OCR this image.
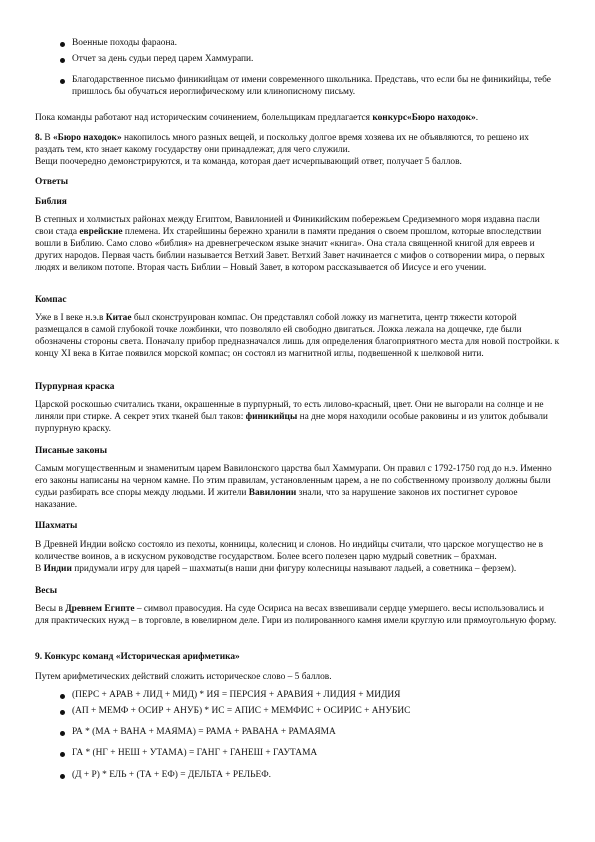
Военные походы фараона.

Отчет за день судьи перед царем Хаммурапи.

Благодарственное письмо финикийцам от имени современного школьника. Представь, что если бы не финикийцы, тебе пришлось бы обучаться иероглифическому или клинописному письму.

Пока команды работают над историческим сочинением, болельщикам предлагается конкурс«Бюро находок».

8. В «Бюро находок» накопилось много разных вещей, и поскольку долгое время хозяева их не объявляются, то решено их раздать тем, кто знает какому государству они принадлежат, для чего служили.
Вещи поочередно демонстрируются, и та команда, которая дает исчерпывающий ответ, получает 5 баллов.

Ответы

Библия

В степных и холмистых районах между Египтом, Вавилонией и Финикийским побережьем Средиземного моря издавна пасли свои стада еврейские племена. Их старейшины бережно хранили в памяти предания о своем прошлом, которые впоследствии вошли в Библию. Само слово «библия» на древнегреческом языке значит «книга». Она стала священной книгой для евреев и других народов. Первая часть библии называется Ветхий Завет. Ветхий Завет начинается с мифов о сотворении мира, о первых людях и великом потопе. Вторая часть Библии – Новый Завет, в котором рассказывается об Иисусе и его учении.

Компас

Уже в I веке н.э.в Китае был сконструирован компас. Он представлял собой ложку из магнетита, центр тяжести которой размещался в самой глубокой точке ложбинки, что позволяло ей свободно двигаться. Ложка лежала на дощечке, где были обозначены стороны света. Поначалу прибор предназначался лишь для определения благоприятного места для новой постройки. к концу XI века в Китае появился морской компас; он состоял из магнитной иглы, подвешенной к шелковой нити.

Пурпурная краска

Царской роскошью считались ткани, окрашенные в пурпурный, то есть лилово-красный, цвет. Они не выгорали на солнце и не линяли при стирке. А секрет этих тканей был таков: финикийцы на дне моря находили особые раковины и из улиток добывали пурпурную краску.

Писаные законы

Самым могущественным и знаменитым царем Вавилонского царства был Хаммурапи. Он правил с 1792-1750 год до н.э. Именно его законы написаны на черном камне. По этим правилам, установленным царем, а не по собственному произволу должны были судьи разбирать все споры между людьми. И жители Вавилонии знали, что за нарушение законов их постигнет суровое наказание.

Шахматы

В Древней Индии войско состояло из пехоты, конницы, колесниц и слонов. Но индийцы считали, что царское могущество не в количестве воинов, а в искусном руководстве государством. Более всего полезен царю мудрый советник – брахман.
В Индии придумали игру для царей – шахматы(в наши дни фигуру колесницы называют ладьей, а советника – ферзем).

Весы

Весы в Древнем Египте – символ правосудия. На суде Осириса на весах взвешивали сердце умершего. весы использовались и для практических нужд – в торговле, в ювелирном деле. Гири из полированного камня имели круглую или прямоугольную форму.

9. Конкурс команд «Историческая арифметика»

Путем арифметических действий сложить историческое слово – 5 баллов.

(ПЕРС + АРАВ + ЛИД + МИД) * ИЯ = ПЕРСИЯ + АРАВИЯ + ЛИДИЯ + МИДИЯ

(АП + МЕМФ + ОСИР + АНУБ) * ИС = АПИС + МЕМФИС + ОСИРИС + АНУБИС

РА * (МА + ВАНА + МАЯМА) = РАМА + РАВАНА + РАМАЯМА

ГА * (НГ + НЕШ + УТАМА) = ГАНГ + ГАНЕШ + ГАУТАМА

(Д + Р) * ЕЛЬ + (ТА + ЕФ) = ДЕЛЬТА + РЕЛЬЕФ.
